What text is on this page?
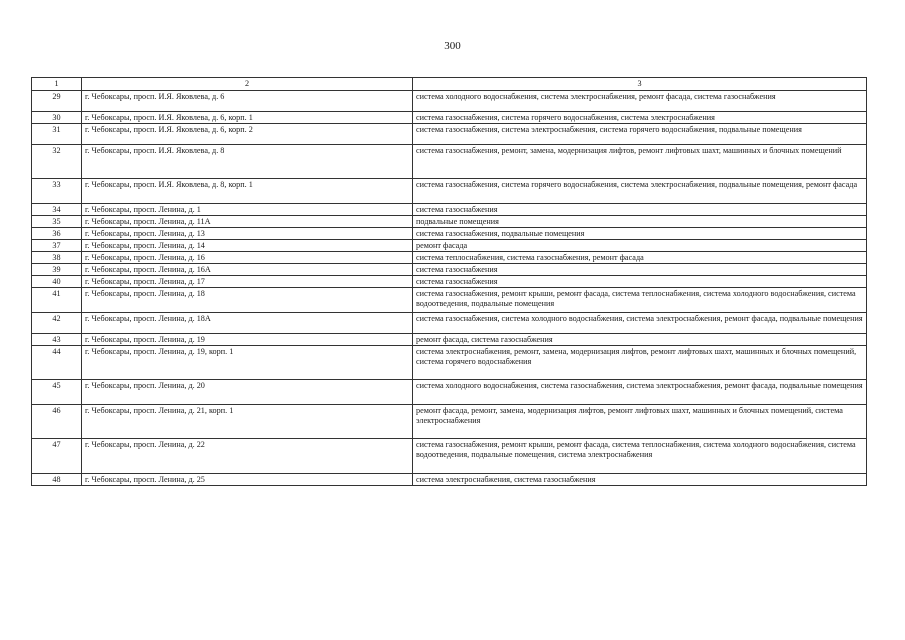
300
1	2	3
29	г. Чебоксары, просп. И.Я. Яковлева, д. 6	система холодного водоснабжения, система электроснабжения, ремонт фасада, система газоснабжения
30	г. Чебоксары, просп. И.Я. Яковлева, д. 6, корп. 1	система газоснабжения, система горячего водоснабжения, система электроснабжения
31	г. Чебоксары, просп. И.Я. Яковлева, д. 6, корп. 2	система газоснабжения, система электроснабжения, система горячего водоснабжения, подвальные помещения
32	г. Чебоксары, просп. И.Я. Яковлева, д. 8	система газоснабжения, ремонт, замена, модернизация лифтов, ремонт лифтовых шахт, машинных и блочных помещений
33	г. Чебоксары, просп. И.Я. Яковлева, д. 8, корп. 1	система газоснабжения, система горячего водоснабжения, система электроснабжения, подвальные помещения, ремонт фасада
34	г. Чебоксары, просп. Ленина, д. 1	система газоснабжения
35	г. Чебоксары, просп. Ленина, д. 11А	подвальные помещения
36	г. Чебоксары, просп. Ленина, д. 13	система газоснабжения, подвальные помещения
37	г. Чебоксары, просп. Ленина, д. 14	ремонт фасада
38	г. Чебоксары, просп. Ленина, д. 16	система теплоснабжения, система газоснабжения, ремонт фасада
39	г. Чебоксары, просп. Ленина, д. 16А	система газоснабжения
40	г. Чебоксары, просп. Ленина, д. 17	система газоснабжения
41	г. Чебоксары, просп. Ленина, д. 18	система газоснабжения, ремонт крыши, ремонт фасада, система теплоснабжения, система холодного водоснабжения, система водоотведения, подвальные помещения
42	г. Чебоксары, просп. Ленина, д. 18А	система газоснабжения, система холодного водоснабжения, система электроснабжения, ремонт фасада, подвальные помещения
43	г. Чебоксары, просп. Ленина, д. 19	ремонт фасада, система газоснабжения
44	г. Чебоксары, просп. Ленина, д. 19, корп. 1	система электроснабжения, ремонт, замена, модернизация лифтов, ремонт лифтовых шахт, машинных и блочных помещений, система горячего водоснабжения
45	г. Чебоксары, просп. Ленина, д. 20	система холодного водоснабжения, система газоснабжения, система электроснабжения, ремонт фасада, подвальные помещения
46	г. Чебоксары, просп. Ленина, д. 21, корп. 1	ремонт фасада, ремонт, замена, модернизация лифтов, ремонт лифтовых шахт, машинных и блочных помещений, система электроснабжения
47	г. Чебоксары, просп. Ленина, д. 22	система газоснабжения, ремонт крыши, ремонт фасада, система теплоснабжения, система холодного водоснабжения, система водоотведения, подвальные помещения, система электроснабжения
48	г. Чебоксары, просп. Ленина, д. 25	система электроснабжения, система газоснабжения
